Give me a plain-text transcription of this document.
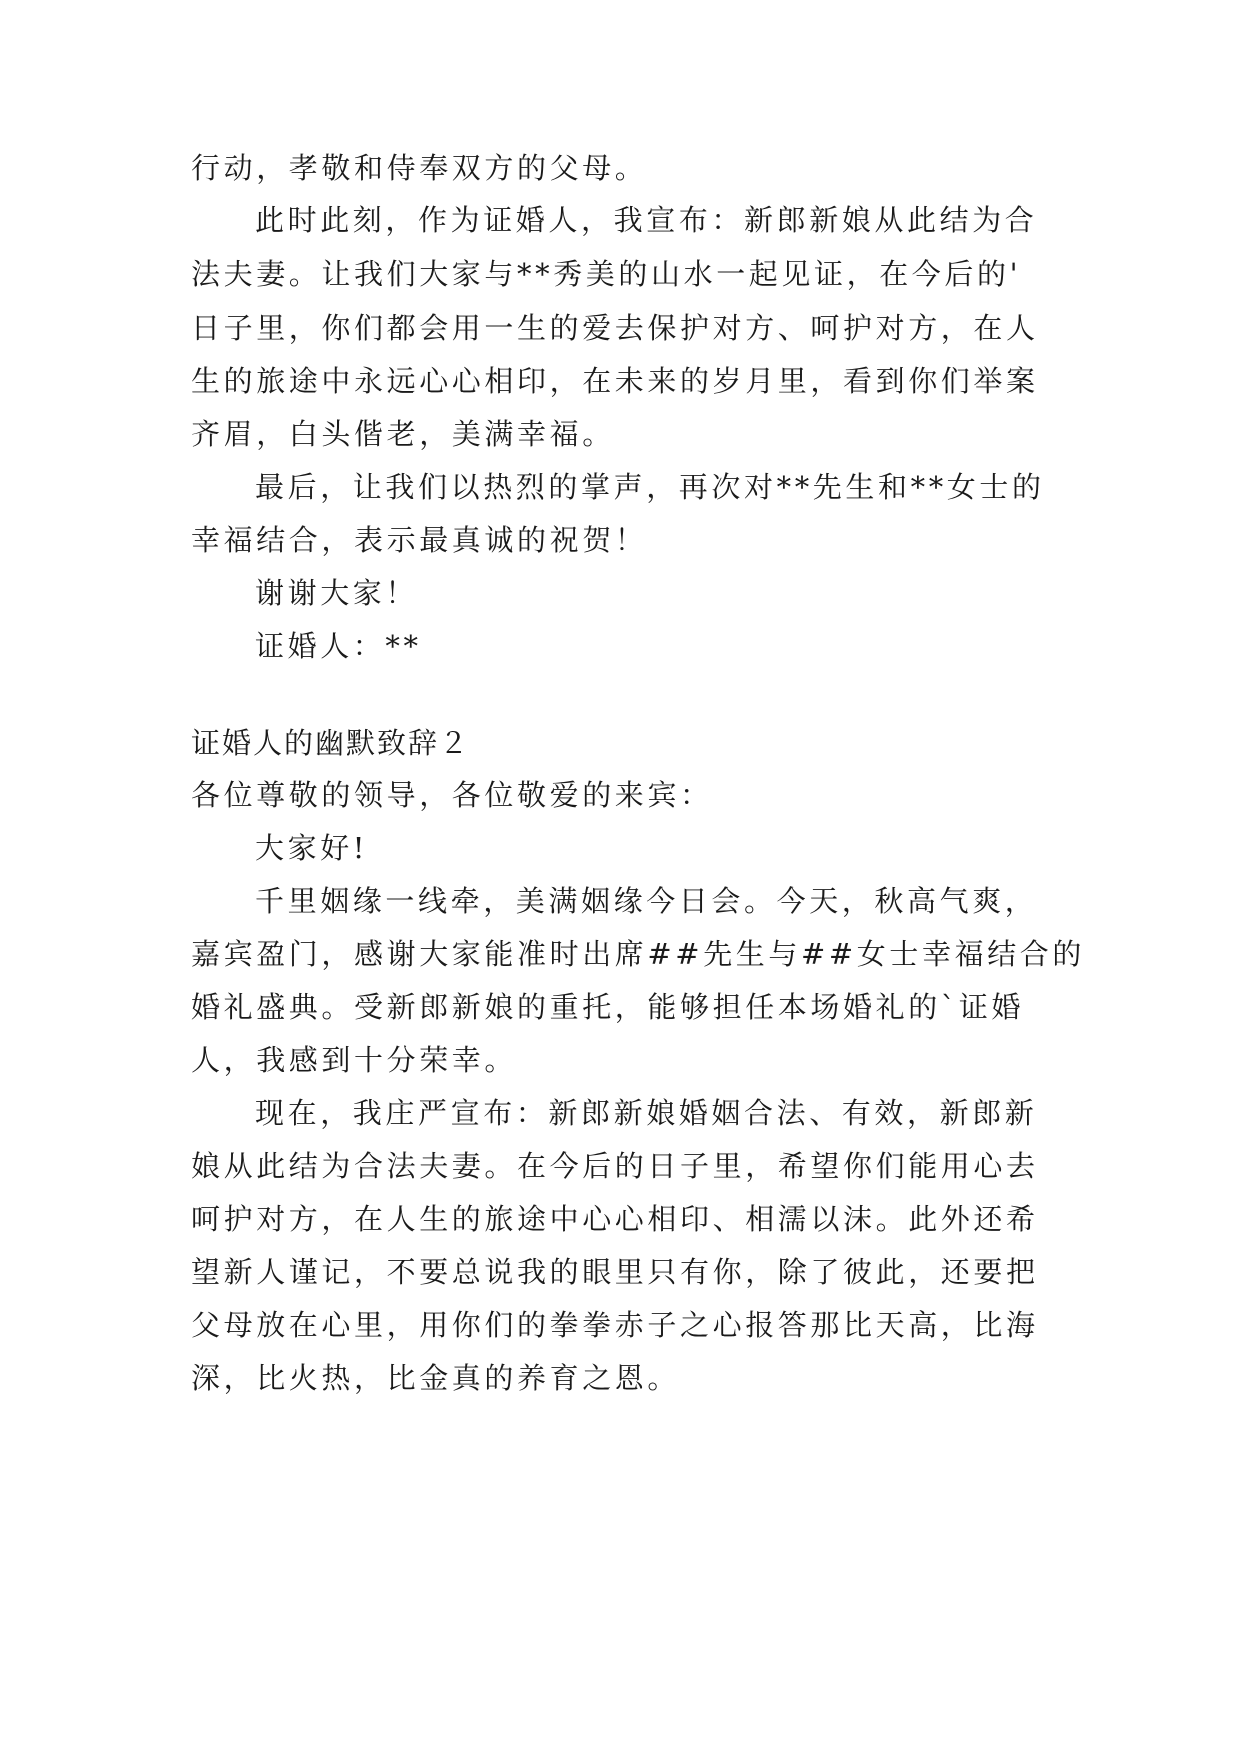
行动，孝敬和侍奉双方的父母。
此时此刻，作为证婚人，我宣布：新郎新娘从此结为合
法夫妻。让我们大家与**秀美的山水一起见证，在今后的'
日子里，你们都会用一生的爱去保护对方、呵护对方，在人
生的旅途中永远心心相印，在未来的岁月里，看到你们举案
齐眉，白头偕老，美满幸福。
最后，让我们以热烈的掌声，再次对**先生和**女士的
幸福结合，表示最真诚的祝贺！
谢谢大家！
证婚人：**
证婚人的幽默致辞２
各位尊敬的领导，各位敬爱的来宾：
大家好!
千里姻缘一线牵，美满姻缘今日会。今天，秋高气爽，
嘉宾盈门，感谢大家能准时出席##先生与##女士幸福结合的
婚礼盛典。受新郎新娘的重托，能够担任本场婚礼的`证婚
人，我感到十分荣幸。
现在，我庄严宣布：新郎新娘婚姻合法、有效，新郎新
娘从此结为合法夫妻。在今后的日子里，希望你们能用心去
呵护对方，在人生的旅途中心心相印、相濡以沫。此外还希
望新人谨记，不要总说我的眼里只有你，除了彼此，还要把
父母放在心里，用你们的拳拳赤子之心报答那比天高，比海
深，比火热，比金真的养育之恩。
